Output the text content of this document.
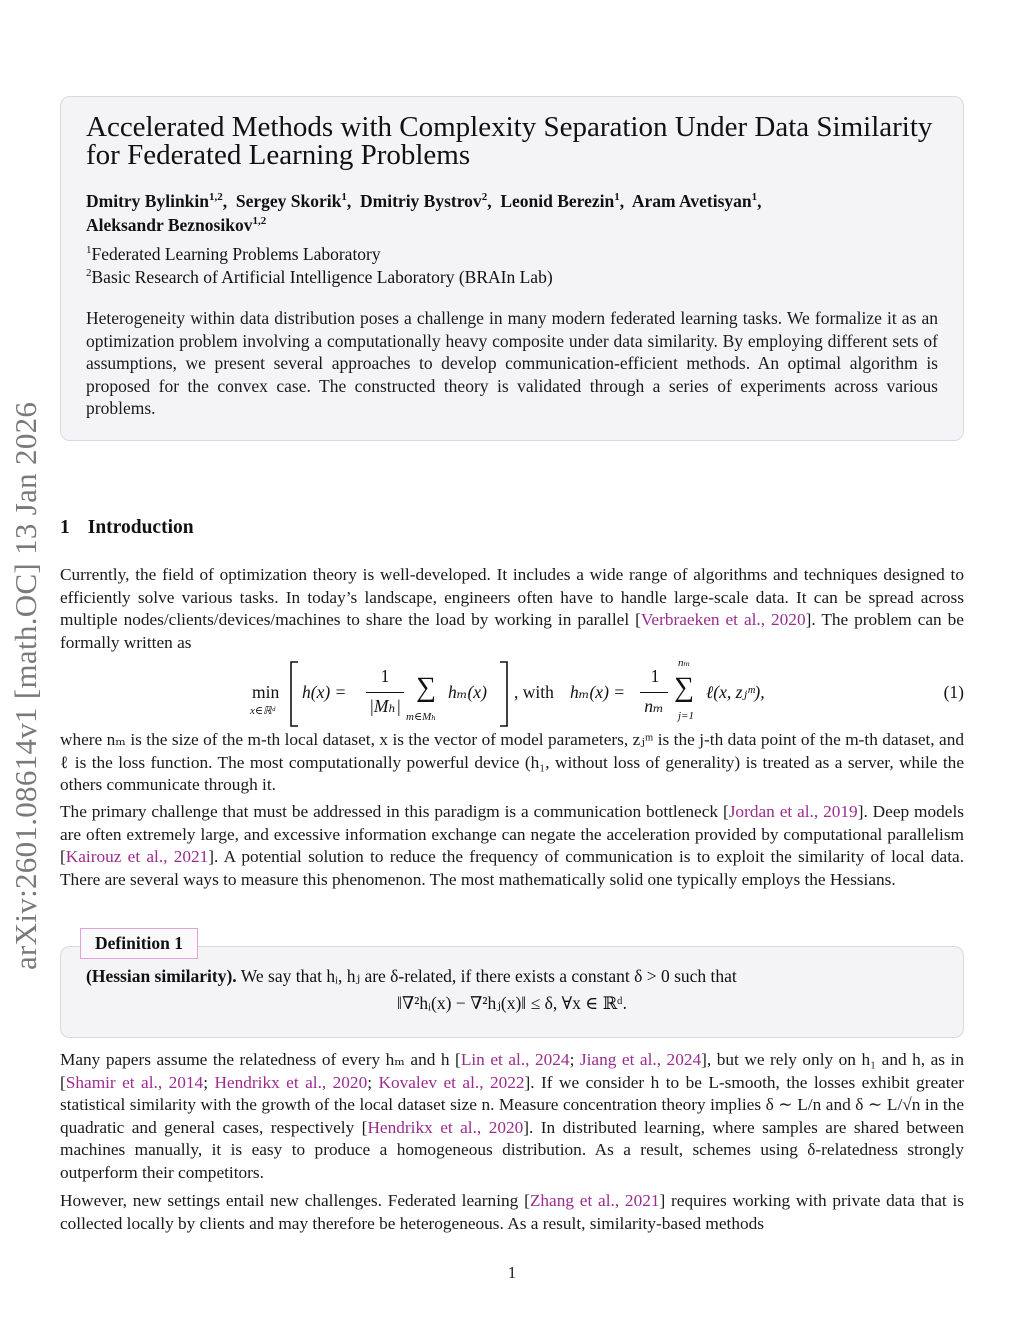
arXiv:2601.08614v1 [math.OC] 13 Jan 2026
Accelerated Methods with Complexity Separation Under Data Similarity for Federated Learning Problems
Dmitry Bylinkin$^{1,2}$,  Sergey Skorik$^1$,  Dmitriy Bystrov$^2$,  Leonid Berezin$^1$,  Aram Avetisyan$^1$,
Aleksandr Beznosikov$^{1,2}$
$^1$Federated Learning Problems Laboratory
$^2$Basic Research of Artificial Intelligence Laboratory (BRAIn Lab)
Heterogeneity within data distribution poses a challenge in many modern federated learning tasks. We formalize it as an optimization problem involving a computationally heavy composite under data similarity. By employing different sets of assumptions, we present several approaches to develop communication-efficient methods. An optimal algorithm is proposed for the convex case. The constructed theory is validated through a series of experiments across various problems.
1 Introduction

Currently, the field of optimization theory is well-developed. It includes a wide range of algorithms and techniques designed to efficiently solve various tasks. In today’s landscape, engineers often have to handle large-scale data. It can be spread across multiple nodes/clients/devices/machines to share the load by working in parallel [Verbraeken et al., 2020]. The problem can be formally written as

min
x∈ℝᵈ
h(x) =
1
|Mₕ|
∑
m∈Mₕ
hₘ(x) , with hₘ(x) =
1
nₘ
nₘ
∑
j=1
ℓ(x, zⱼᵐ),	(1)

where nₘ is the size of the m-th local dataset, x is the vector of model parameters, zⱼᵐ is the j-th data point of the m-th dataset, and ℓ is the loss function. The most computationally powerful device (h₁, without loss of generality) is treated as a server, while the others communicate through it.

The primary challenge that must be addressed in this paradigm is a communication bottleneck [Jordan et al., 2019]. Deep models are often extremely large, and excessive information exchange can negate the acceleration provided by computational parallelism [Kairouz et al., 2021]. A potential solution to reduce the frequency of communication is to exploit the similarity of local data. There are several ways to measure this phenomenon. The most mathematically solid one typically employs the Hessians.

Definition 1
(Hessian similarity). We say that hᵢ, hⱼ are δ-related, if there exists a constant δ > 0 such that
‖∇²hᵢ(x) − ∇²hⱼ(x)‖ ≤ δ, ∀x ∈ ℝᵈ.

Many papers assume the relatedness of every hₘ and h [Lin et al., 2024; Jiang et al., 2024], but we rely only on h₁ and h, as in [Shamir et al., 2014; Hendrikx et al., 2020; Kovalev et al., 2022]. If we consider h to be L-smooth, the losses exhibit greater statistical similarity with the growth of the local dataset size n. Measure concentration theory implies δ ∼ L/n and δ ∼ L/√n in the quadratic and general cases, respectively [Hendrikx et al., 2020]. In distributed learning, where samples are shared between machines manually, it is easy to produce a homogeneous distribution. As a result, schemes using δ-relatedness strongly outperform their competitors.

However, new settings entail new challenges. Federated learning [Zhang et al., 2021] requires working with private data that is collected locally by clients and may therefore be heterogeneous. As a result, similarity-based methods

1
